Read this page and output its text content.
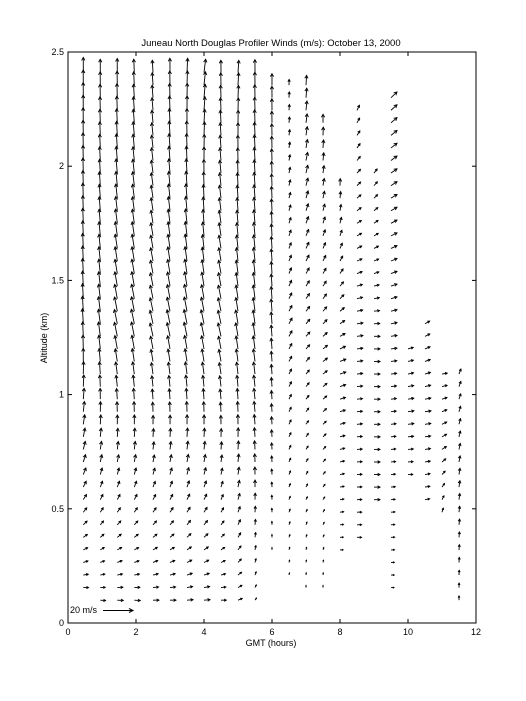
Juneau North Douglas Profiler Winds (m/s): October 13, 2000
0	2	4	6	8	10	12
0
0.5
1
1.5
2
2.5
GMT (hours)
Altitude (km)
20 m/s
